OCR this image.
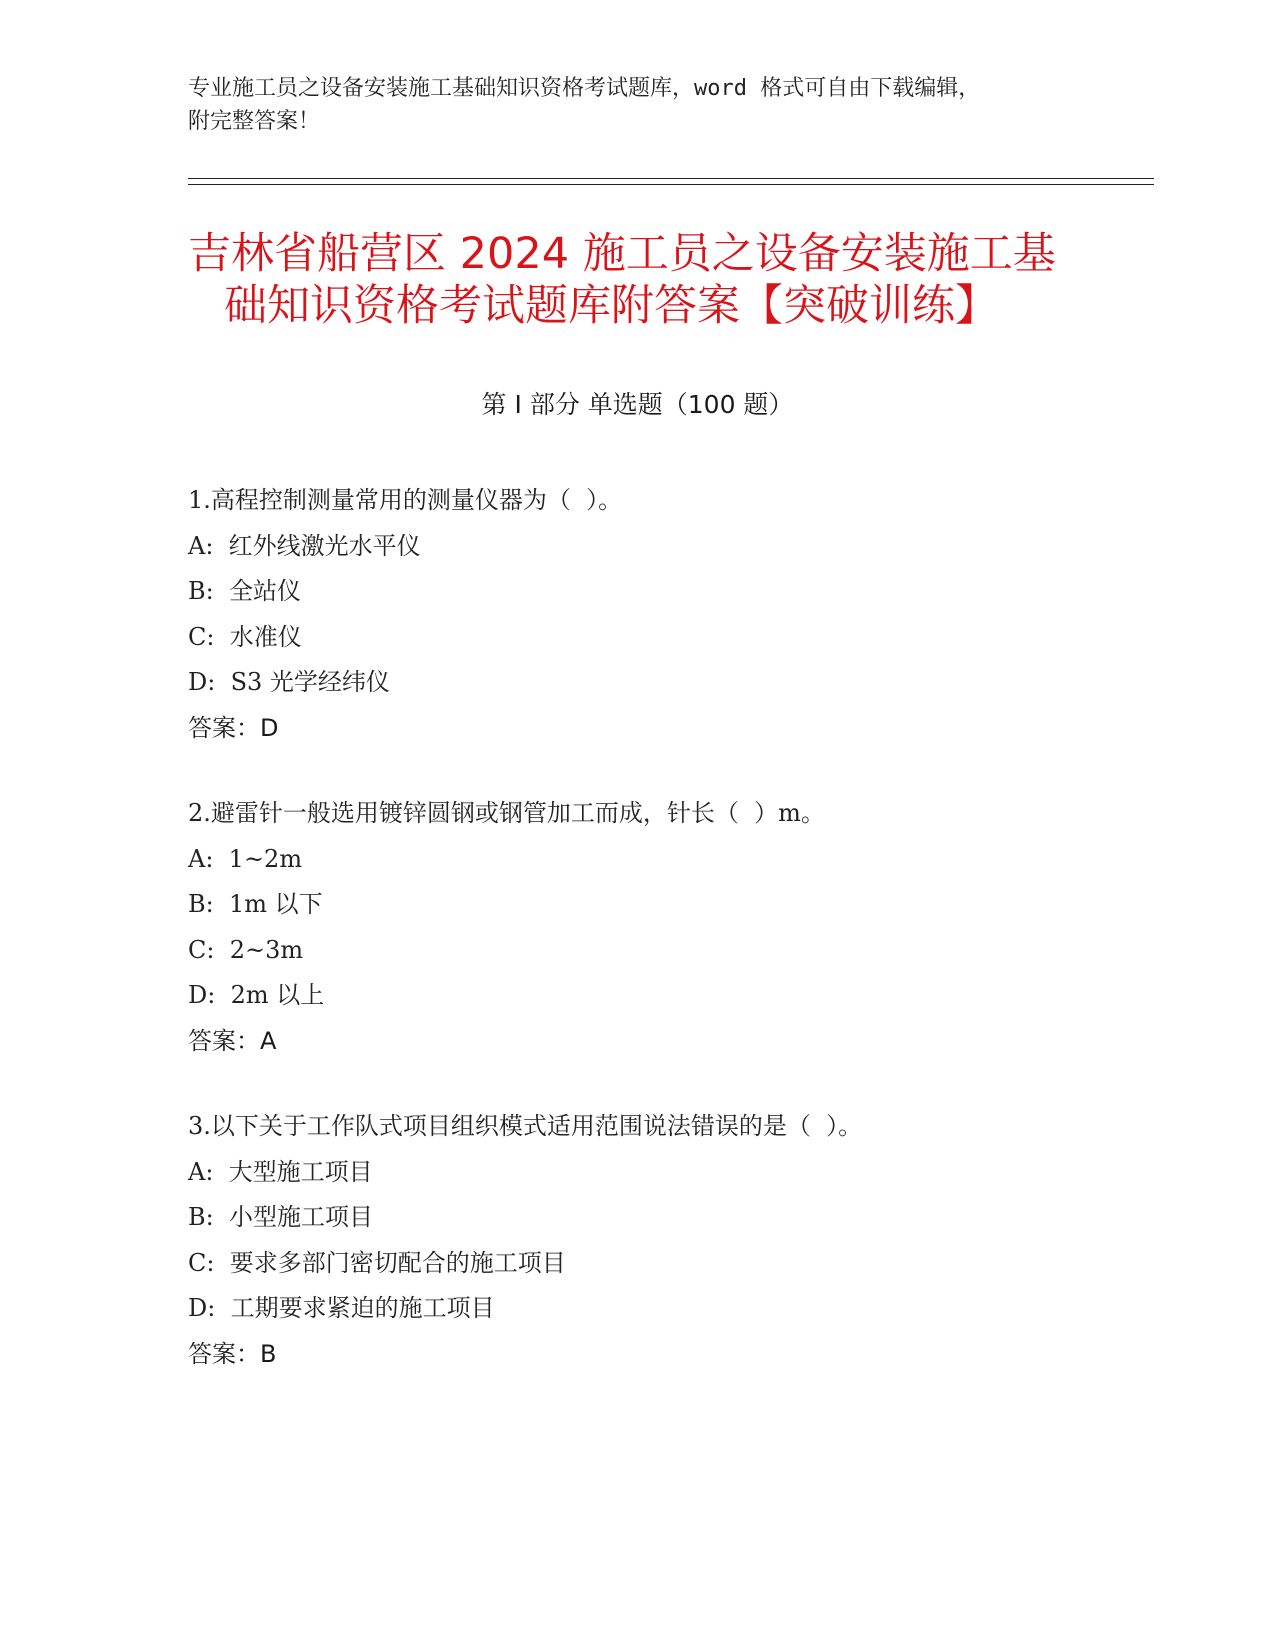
专业施工员之设备安装施工基础知识资格考试题库，word 格式可自由下载编辑，
附完整答案！
吉林省船营区 2024 施工员之设备安装施工基
础知识资格考试题库附答案【突破训练】
第 I 部分 单选题（100 题）
1.高程控制测量常用的测量仪器为（  ）。
A:  红外线激光水平仪
B:  全站仪
C:  水准仪
D:  S3 光学经纬仪
答案：D
2.避雷针一般选用镀锌圆钢或钢管加工而成，针长（  ）m。
A:  1~2m
B:  1m 以下
C:  2~3m
D:  2m 以上
答案：A
3.以下关于工作队式项目组织模式适用范围说法错误的是（  ）。
A:  大型施工项目
B:  小型施工项目
C:  要求多部门密切配合的施工项目
D:  工期要求紧迫的施工项目
答案：B
